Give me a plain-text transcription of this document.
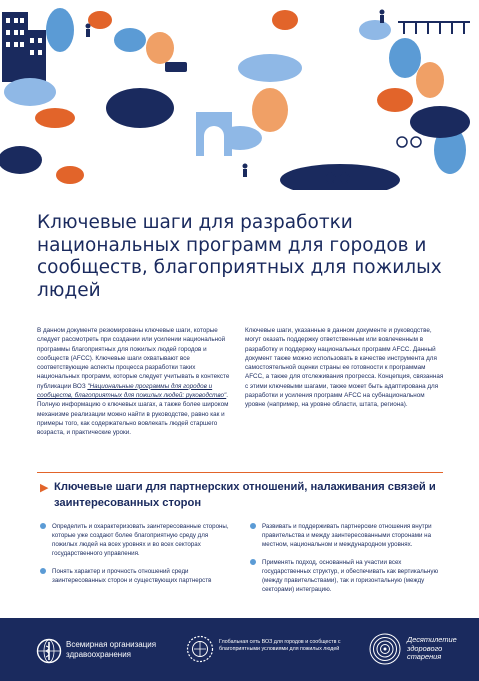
Ключевые шаги для разработки национальных программ для городов и сообществ, благоприятных для пожилых людей

В данном документе резюмированы ключевые шаги, которые следует рассмотреть при создании или усилении национальной программы благоприятных для пожилых людей городов и сообществ (AFCC). Ключевые шаги охватывают все соответствующие аспекты процесса разработки таких национальных программ, которые следует учитывать в контексте публикации ВОЗ "Национальные программы для городов и сообществ, благоприятных для пожилых людей: руководство". Полную информацию о ключевых шагах, а также более широком механизме реализации можно найти в руководстве, равно как и примеры того, как содержательно вовлекать людей старшего возраста, и практические уроки.

Ключевые шаги, указанные в данном документе и руководстве, могут оказать поддержку ответственным или вовлеченным в разработку и поддержку национальных программ AFCC. Данный документ также можно использовать в качестве инструмента для самостоятельной оценки страны ее готовности к программам AFCC, а также для отслеживания прогресса. Концепция, связанная с этими ключевыми шагами, также может быть адаптирована для разработки и усиления программ AFCC на субнациональном уровне (например, на уровне области, штата, региона).

▶ Ключевые шаги для партнерских отношений, налаживания связей и заинтересованных сторон
Определить и охарактеризовать заинтересованные стороны, которые уже создают более благоприятную среду для пожилых людей на всех уровнях и во всех секторах государственного управления.
Понять характер и прочность отношений среди заинтересованных сторон и существующих партнерств
Развивать и поддерживать партнерские отношения внутри правительства и между заинтересованными сторонами на местном, национальном и международном уровнях.
Применять подход, основанный на участии всех государственных структур, и обеспечивать как вертикальную (между правительствами), так и горизонтальную (между секторами) интеграцию.
Всемирная организация здравоохранения
Глобальная сеть ВОЗ для городов и сообществ с благоприятными условиями для пожилых людей
Десятилетие здорового старения
